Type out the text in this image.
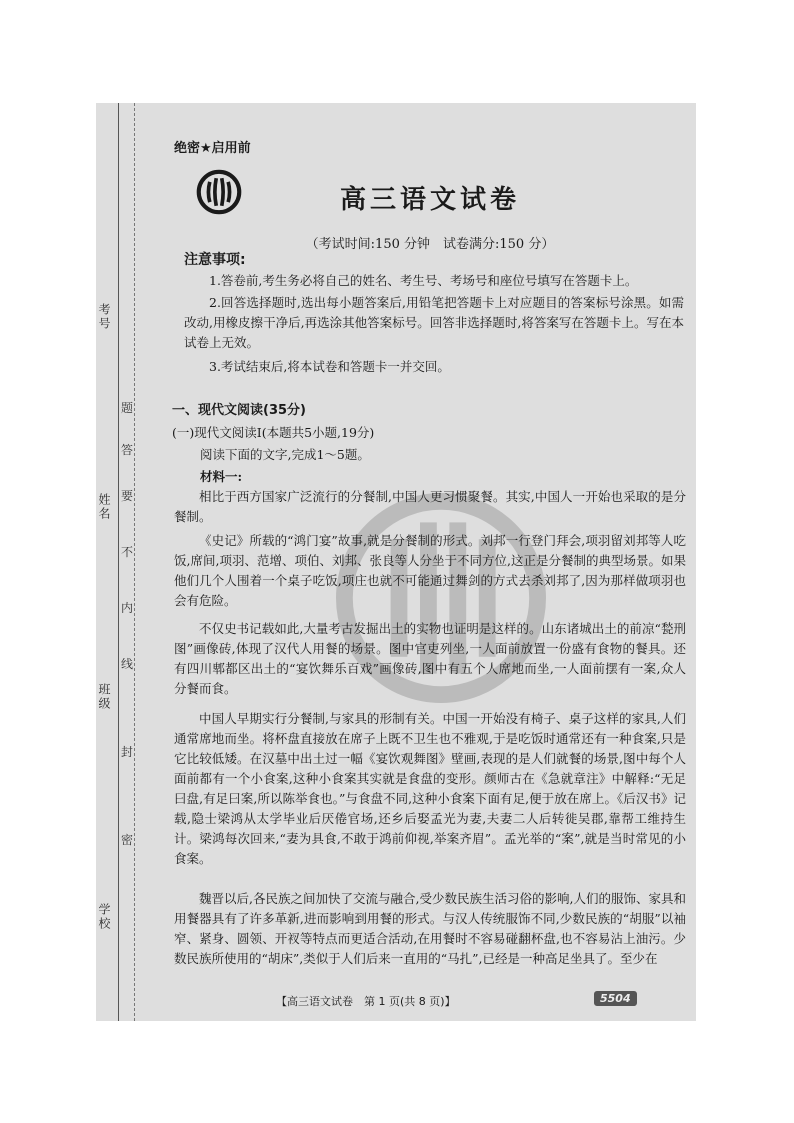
考号
姓名
班级
学校
密
封
线
内
不
要
答
题
绝密★启用前
高三语文试卷
（考试时间:150 分钟　试卷满分:150 分）
注意事项:
1.答卷前,考生务必将自己的姓名、考生号、考场号和座位号填写在答题卡上。
2.回答选择题时,选出每小题答案后,用铅笔把答题卡上对应题目的答案标号涂黑。如需改动,用橡皮擦干净后,再选涂其他答案标号。回答非选择题时,将答案写在答题卡上。写在本试卷上无效。
3.考试结束后,将本试卷和答题卡一并交回。
一、现代文阅读(35分)
(一)现代文阅读Ⅰ(本题共5小题,19分)
阅读下面的文字,完成1～5题。
材料一:
相比于西方国家广泛流行的分餐制,中国人更习惯聚餐。其实,中国人一开始也采取的是分餐制。
《史记》所载的“鸿门宴”故事,就是分餐制的形式。刘邦一行登门拜会,项羽留刘邦等人吃饭,席间,项羽、范增、项伯、刘邦、张良等人分坐于不同方位,这正是分餐制的典型场景。如果他们几个人围着一个桌子吃饭,项庄也就不可能通过舞剑的方式去杀刘邦了,因为那样做项羽也会有危险。
不仅史书记载如此,大量考古发掘出土的实物也证明是这样的。山东诸城出土的前凉“甃刑图”画像砖,体现了汉代人用餐的场景。图中官吏列坐,一人面前放置一份盛有食物的餐具。还有四川郫都区出土的“宴饮舞乐百戏”画像砖,图中有五个人席地而坐,一人面前摆有一案,众人分餐而食。
中国人早期实行分餐制,与家具的形制有关。中国一开始没有椅子、桌子这样的家具,人们通常席地而坐。将杯盘直接放在席子上既不卫生也不雅观,于是吃饭时通常还有一种食案,只是它比较低矮。在汉墓中出土过一幅《宴饮观舞图》壁画,表现的是人们就餐的场景,图中每个人面前都有一个小食案,这种小食案其实就是食盘的变形。颜师古在《急就章注》中解释:“无足曰盘,有足曰案,所以陈举食也。”与食盘不同,这种小食案下面有足,便于放在席上。《后汉书》记载,隐士梁鸿从太学毕业后厌倦官场,还乡后娶孟光为妻,夫妻二人后转徙吴郡,靠帮工维持生计。梁鸿每次回来,“妻为具食,不敢于鸿前仰视,举案齐眉”。孟光举的“案”,就是当时常见的小食案。
魏晋以后,各民族之间加快了交流与融合,受少数民族生活习俗的影响,人们的服饰、家具和用餐器具有了许多革新,进而影响到用餐的形式。与汉人传统服饰不同,少数民族的“胡服”以袖窄、紧身、圆领、开衩等特点而更适合活动,在用餐时不容易碰翻杯盘,也不容易沾上油污。少数民族所使用的“胡床”,类似于人们后来一直用的“马扎”,已经是一种高足坐具了。至少在
【高三语文试卷　第 1 页(共 8 页)】	5504
